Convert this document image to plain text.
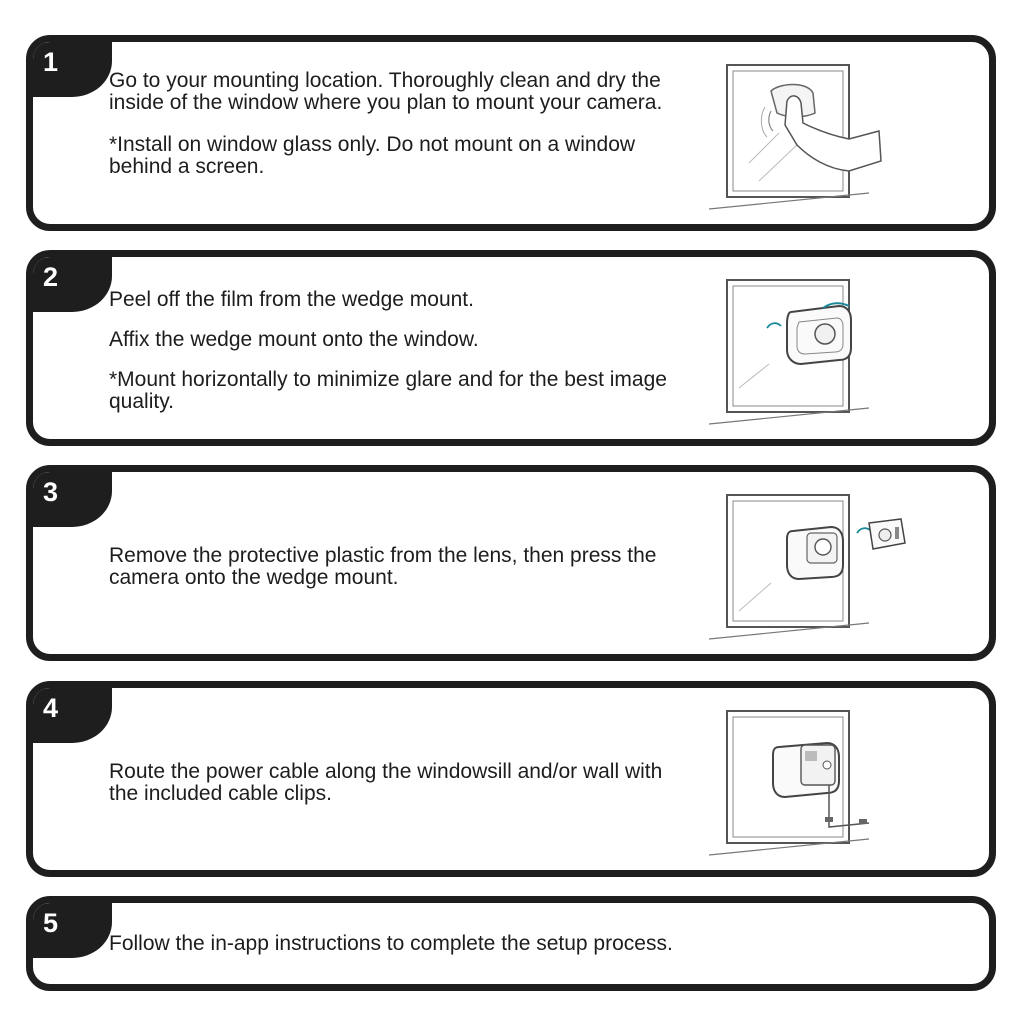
1

Go to your mounting location. Thoroughly clean and dry the inside of the window where you plan to mount your camera.

*Install on window glass only. Do not mount on a window behind a screen.

2

Peel off the film from the wedge mount.

Affix the wedge mount onto the window.

*Mount horizontally to minimize glare and for the best image quality.

3

Remove the protective plastic from the lens, then press the camera onto the wedge mount.

4

Route the power cable along the windowsill and/or wall with the included cable clips.

5

Follow the in-app instructions to complete the setup process.
